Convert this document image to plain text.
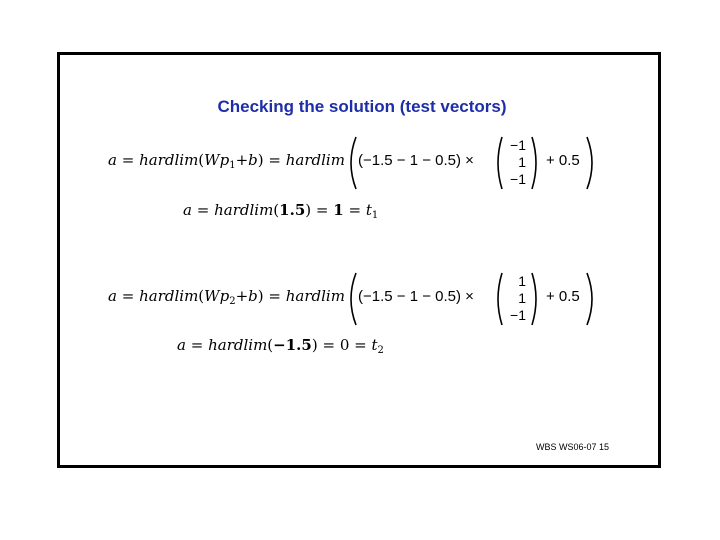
Checking the solution (test vectors)
$a = hardlim(Wp_1+b)$ = hardlim (−1.5 − 1 − 0.5) ×
−1
1
−1
+ 0.5
a = hardlim(1.5) = $1 = t_1$
$a = hardlim(Wp_2+b)$ = hardlim (−1.5 − 1 − 0.5) ×
1
1
−1
+ 0.5
a = hardlim(−1.5) = $0 = t_2$
WBS WS06-07 15
